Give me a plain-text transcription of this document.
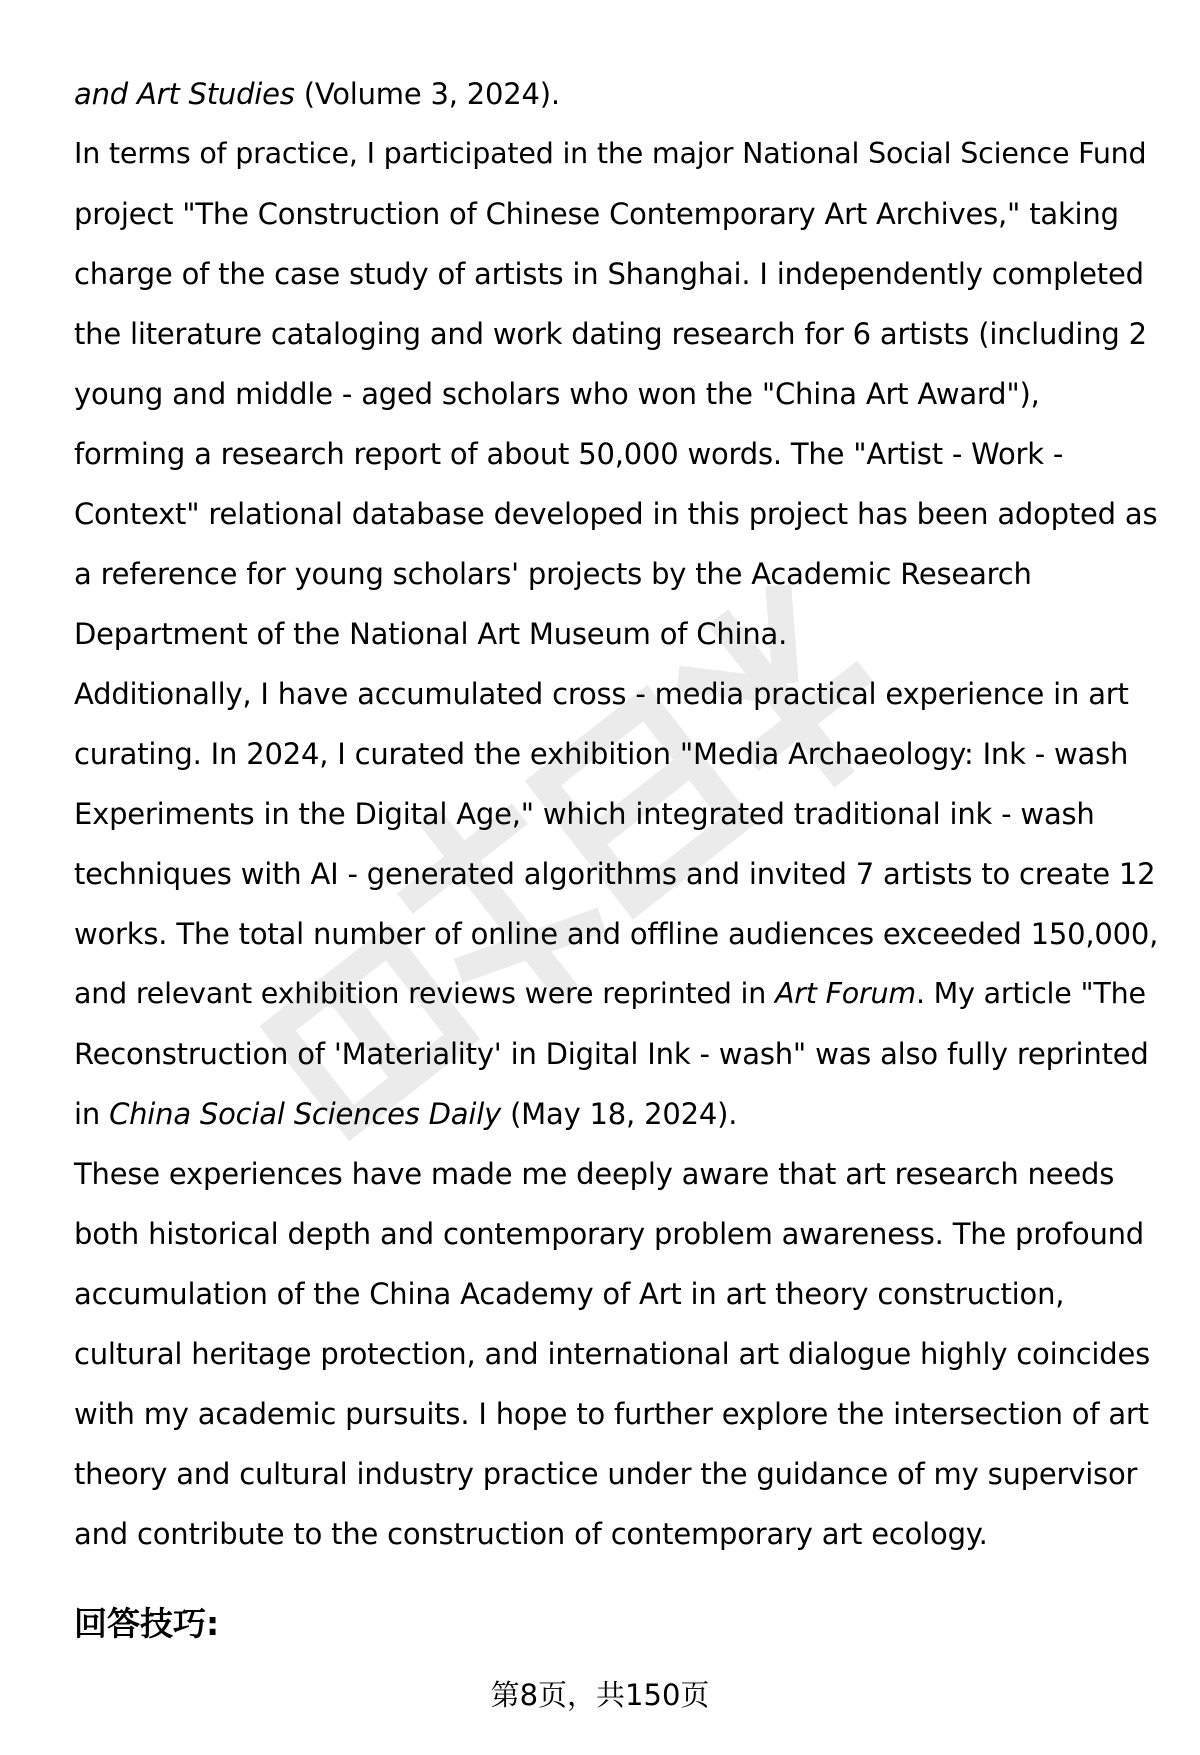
and Art Studies (Volume 3, 2024).
In terms of practice, I participated in the major National Social Science Fund
project "The Construction of Chinese Contemporary Art Archives," taking
charge of the case study of artists in Shanghai. I independently completed
the literature cataloging and work dating research for 6 artists (including 2
young and middle - aged scholars who won the "China Art Award"),
forming a research report of about 50,000 words. The "Artist - Work -
Context" relational database developed in this project has been adopted as
a reference for young scholars' projects by the Academic Research
Department of the National Art Museum of China.
Additionally, I have accumulated cross - media practical experience in art
curating. In 2024, I curated the exhibition "Media Archaeology: Ink - wash
Experiments in the Digital Age," which integrated traditional ink - wash
techniques with AI - generated algorithms and invited 7 artists to create 12
works. The total number of online and offline audiences exceeded 150,000,
and relevant exhibition reviews were reprinted in Art Forum. My article "The
Reconstruction of 'Materiality' in Digital Ink - wash" was also fully reprinted
in China Social Sciences Daily (May 18, 2024).
These experiences have made me deeply aware that art research needs
both historical depth and contemporary problem awareness. The profound
accumulation of the China Academy of Art in art theory construction,
cultural heritage protection, and international art dialogue highly coincides
with my academic pursuits. I hope to further explore the intersection of art
theory and cultural industry practice under the guidance of my supervisor
and contribute to the construction of contemporary art ecology.
回答技巧:
第8页，共150页
